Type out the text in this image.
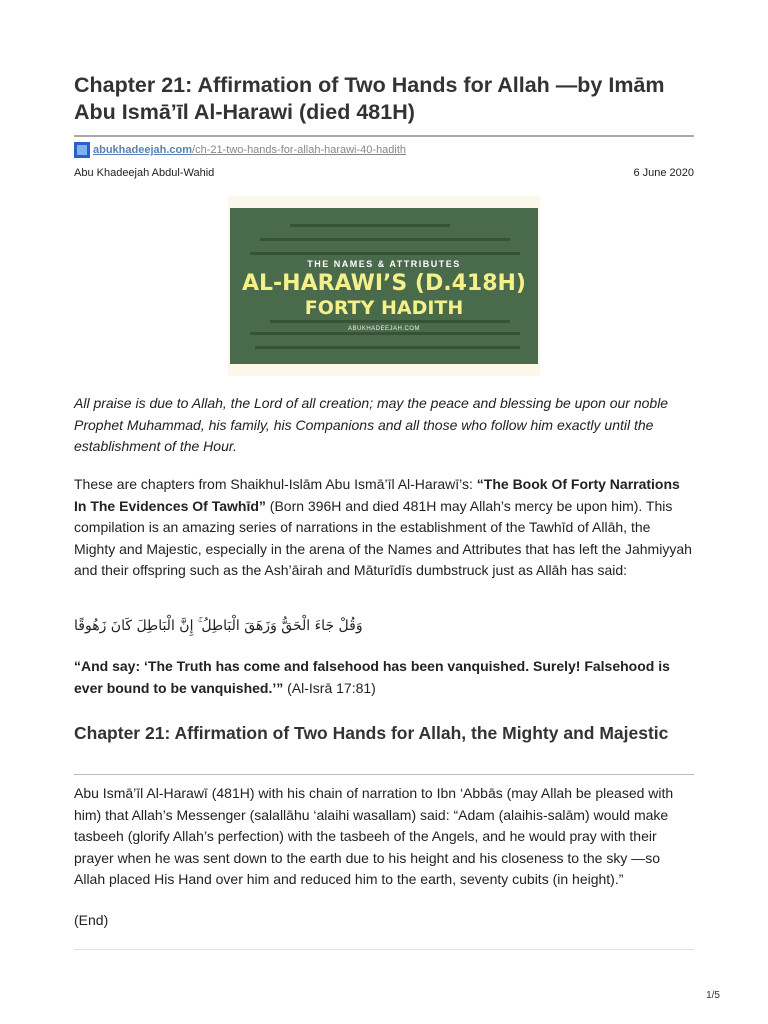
Chapter 21: Affirmation of Two Hands for Allah —by Imām Abu Ismā’īl Al-Harawi (died 481H)
abukhadeejah.com /ch-21-two-hands-for-allah-harawi-40-hadith
Abu Khadeejah Abdul-Wahid	6 June 2020
THE NAMES & ATTRIBUTES
AL-HARAWI’S (D.418H)
FORTY HADITH
ABUKHADEEJAH.COM

All praise is due to Allah, the Lord of all creation; may the peace and blessing be upon our noble Prophet Muhammad, his family, his Companions and all those who follow him exactly until the establishment of the Hour.

These are chapters from Shaikhul-Islām Abu Ismā’īl Al-Harawī’s: “The Book Of Forty Narrations In The Evidences Of Tawhīd” (Born 396H and died 481H may Allah’s mercy be upon him). This compilation is an amazing series of narrations in the establishment of the Tawhīd of Allāh, the Mighty and Majestic, especially in the arena of the Names and Attributes that has left the Jahmiyyah and their offspring such as the Ash’āirah and Māturīdīs dumbstruck just as Allāh has said:

وَقُلْ جَاءَ الْحَقُّ وَزَهَقَ الْبَاطِلُ ۚ إِنَّ الْبَاطِلَ كَانَ زَهُوقًا

“And say: ‘The Truth has come and falsehood has been vanquished. Surely! Falsehood is ever bound to be vanquished.’” (Al-Isrā 17:81)

Chapter 21: Affirmation of Two Hands for Allah, the Mighty and Majestic

Abu Ismā’īl Al-Harawī (481H) with his chain of narration to Ibn ‘Abbās (may Allah be pleased with him) that Allah’s Messenger (salallāhu ‘alaihi wasallam) said: “Adam (alaihis-salām) would make tasbeeh (glorify Allah’s perfection) with the tasbeeh of the Angels, and he would pray with their prayer when he was sent down to the earth due to his height and his closeness to the sky —so Allah placed His Hand over him and reduced him to the earth, seventy cubits (in height).”

(End)
1/5
